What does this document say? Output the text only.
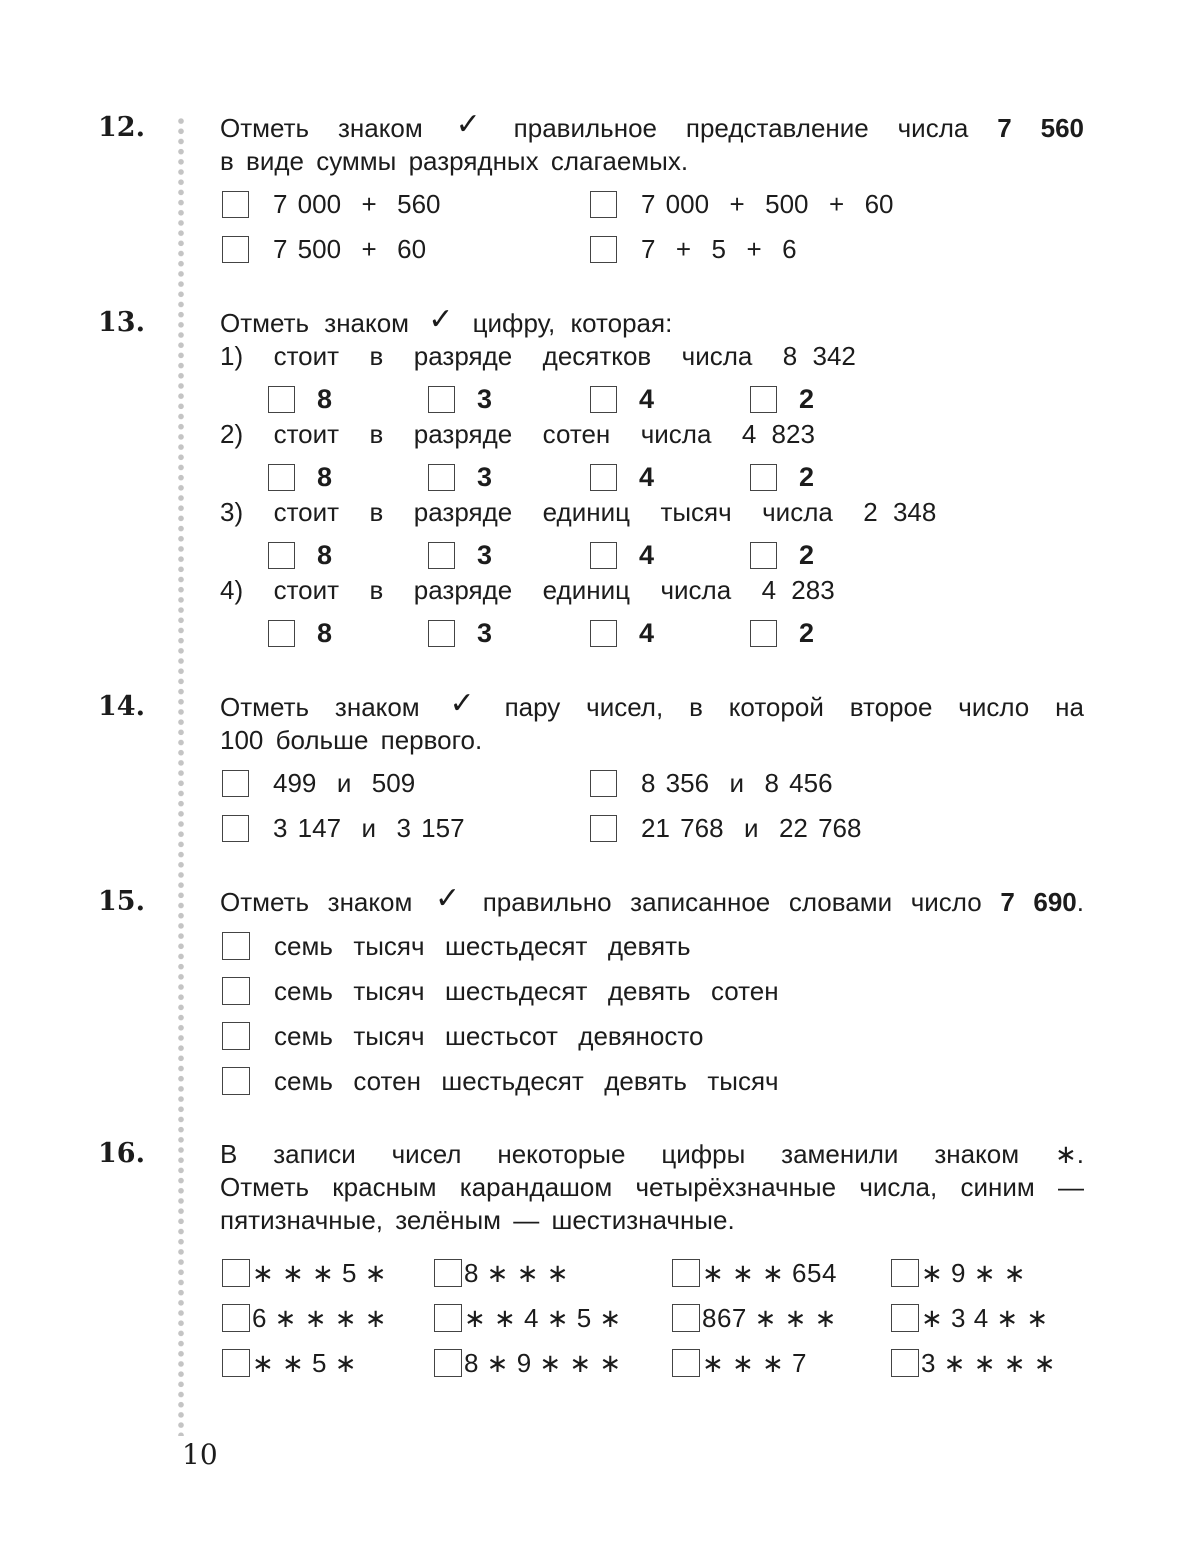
12.	Отметь знаком ✓ правильное представление числа 7 560
в виде суммы разрядных слагаемых.
7 000  +  560	7 000  +  500  +  60
7 500  +  60	7  +  5  +  6
13.	Отметь знаком ✓ цифру, которая:
1)  стоит  в  разряде  десятков  числа  8 342
8	3	4	2
2)  стоит  в  разряде  сотен  числа  4 823
8	3	4	2
3)  стоит  в  разряде  единиц  тысяч  числа  2 348
8	3	4	2
4)  стоит  в  разряде  единиц  числа  4 283
8	3	4	2
14.	Отметь знаком ✓ пару чисел, в которой второе число на
100 больше первого.
499  и  509	8 356  и  8 456
3 147  и  3 157	21 768  и  22 768
15.	Отметь знаком ✓ правильно записанное словами число 7 690.
семь  тысяч  шестьдесят  девять
семь  тысяч  шестьдесят  девять  сотен
семь  тысяч  шестьсот  девяносто
семь  сотен  шестьдесят  девять  тысяч
16.	В записи чисел некоторые цифры заменили знаком ∗.
Отметь красным карандашом четырёхзначные числа, синим —
пятизначные, зелёным — шестизначные.
∗ ∗ ∗ 5 ∗	8 ∗ ∗ ∗	∗ ∗ ∗ 654	∗ 9 ∗ ∗
6 ∗ ∗ ∗ ∗	∗ ∗ 4 ∗ 5 ∗	867 ∗ ∗ ∗	∗ 3 4 ∗ ∗
∗ ∗ 5 ∗	8 ∗ 9 ∗ ∗ ∗	∗ ∗ ∗ 7	3 ∗ ∗ ∗ ∗
10
